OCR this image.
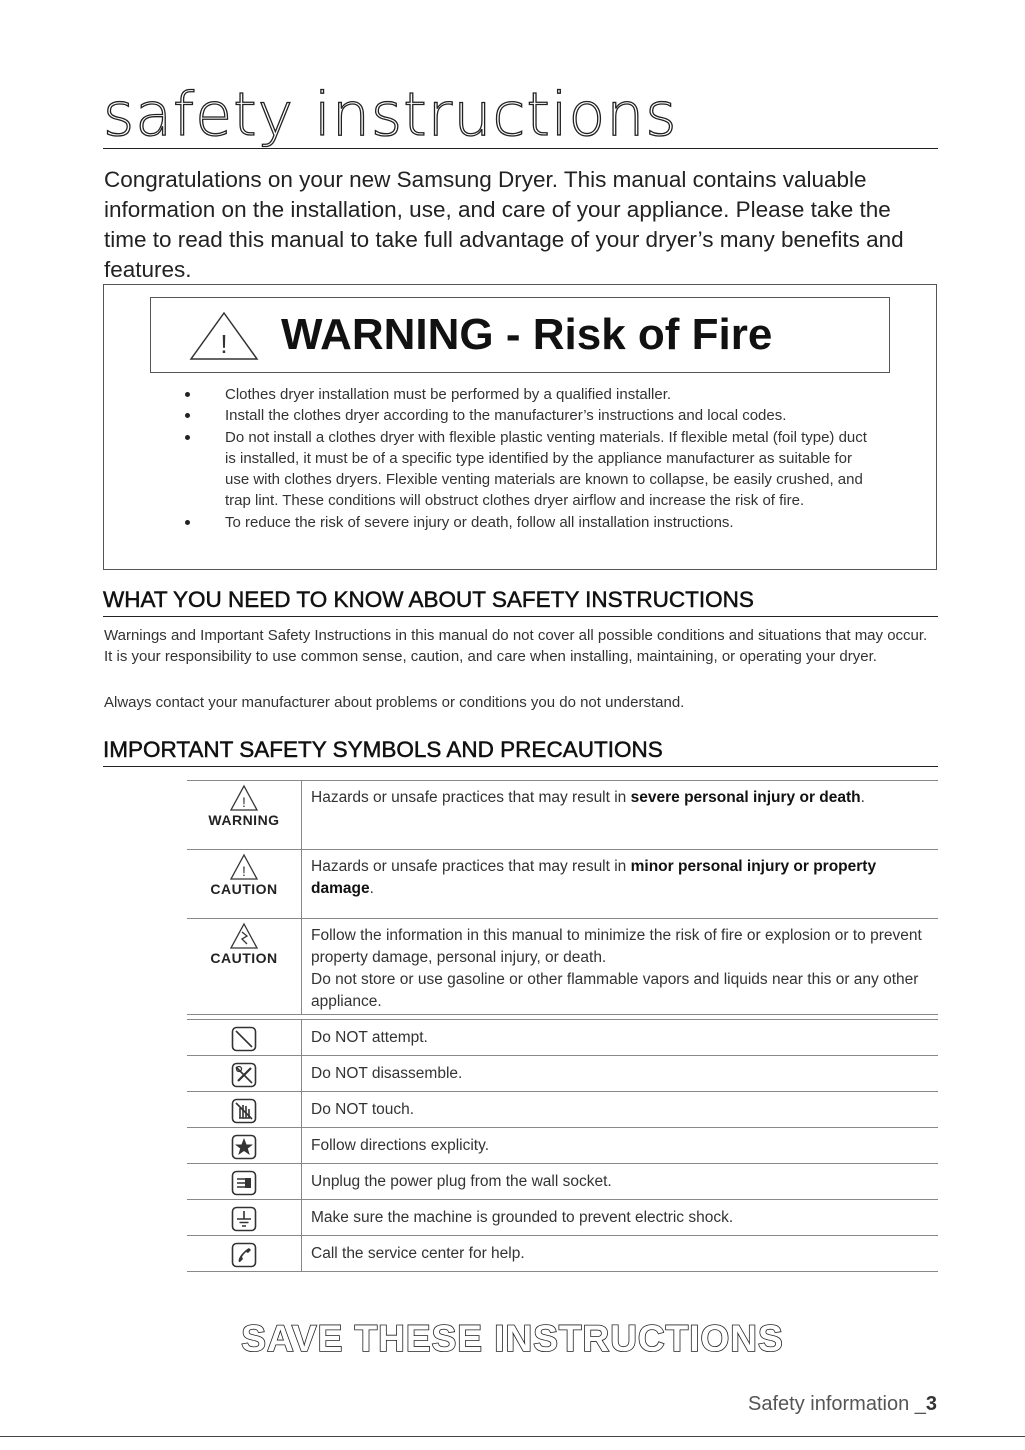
safety instructions
Congratulations on your new Samsung Dryer. This manual contains valuable information on the installation, use, and care of your appliance. Please take the time to read this manual to take full advantage of your dryer’s many benefits and features.
! WARNING - Risk of Fire
Clothes dryer installation must be performed by a qualified installer.
Install the clothes dryer according to the manufacturer’s instructions and local codes.
Do not install a clothes dryer with flexible plastic venting materials. If flexible metal (foil type) duct is installed, it must be of a specific type identified by the appliance manufacturer as suitable for use with clothes dryers. Flexible venting materials are known to collapse, be easily crushed, and trap lint. These conditions will obstruct clothes dryer airflow and increase the risk of fire.
To reduce the risk of severe injury or death, follow all installation instructions.
WHAT YOU NEED TO KNOW ABOUT SAFETY INSTRUCTIONS
Warnings and Important Safety Instructions in this manual do not cover all possible conditions and situations that may occur. It is your responsibility to use common sense, caution, and care when installing, maintaining, or operating your dryer.
Always contact your manufacturer about problems or conditions you do not understand.
IMPORTANT SAFETY SYMBOLS AND PRECAUTIONS
!
WARNING	Hazards or unsafe practices that may result in severe personal injury or death.

!
CAUTION	Hazards or unsafe practices that may result in minor personal injury or property damage.

CAUTION	Follow the information in this manual to minimize the risk of fire or explosion or to prevent property damage, personal injury, or death.
Do not store or use gasoline or other flammable vapors and liquids near this or any other appliance.
	Do NOT attempt.

	Do NOT disassemble.

	Do NOT touch.

	Follow directions explicity.

	Unplug the power plug from the wall socket.

	Make sure the machine is grounded to prevent electric shock.

	Call the service center for help.
SAVE THESE INSTRUCTIONS
Safety information _3
